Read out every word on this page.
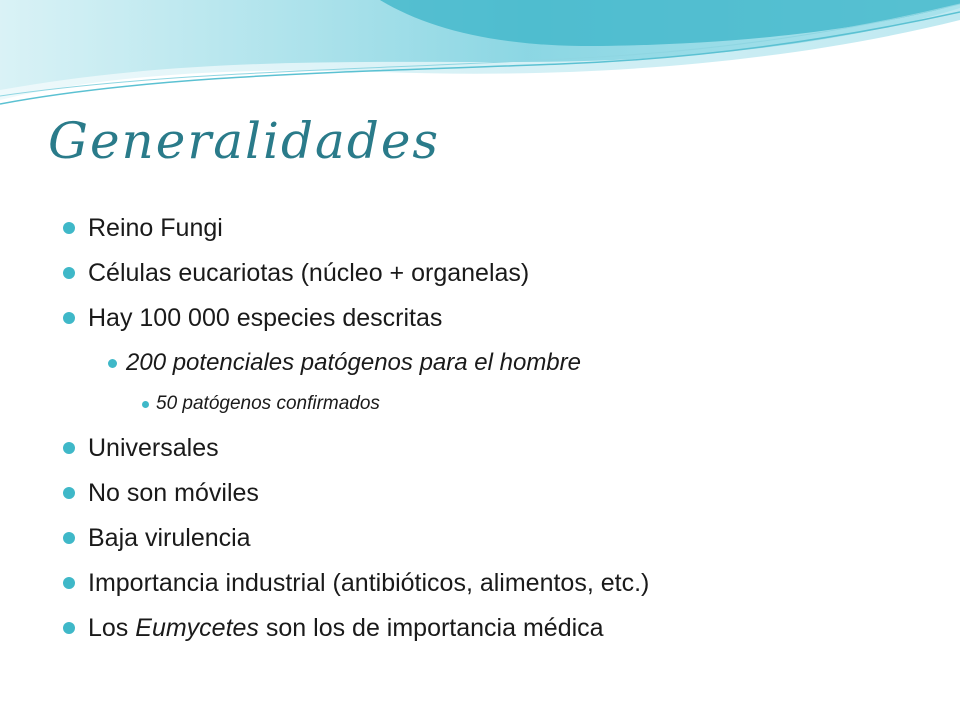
Generalidades
Reino Fungi
Células eucariotas (núcleo + organelas)
Hay 100 000 especies descritas
200 potenciales patógenos para el hombre
50 patógenos confirmados
Universales
No son móviles
Baja virulencia
Importancia industrial (antibióticos, alimentos, etc.)
Los Eumycetes son los de importancia médica
